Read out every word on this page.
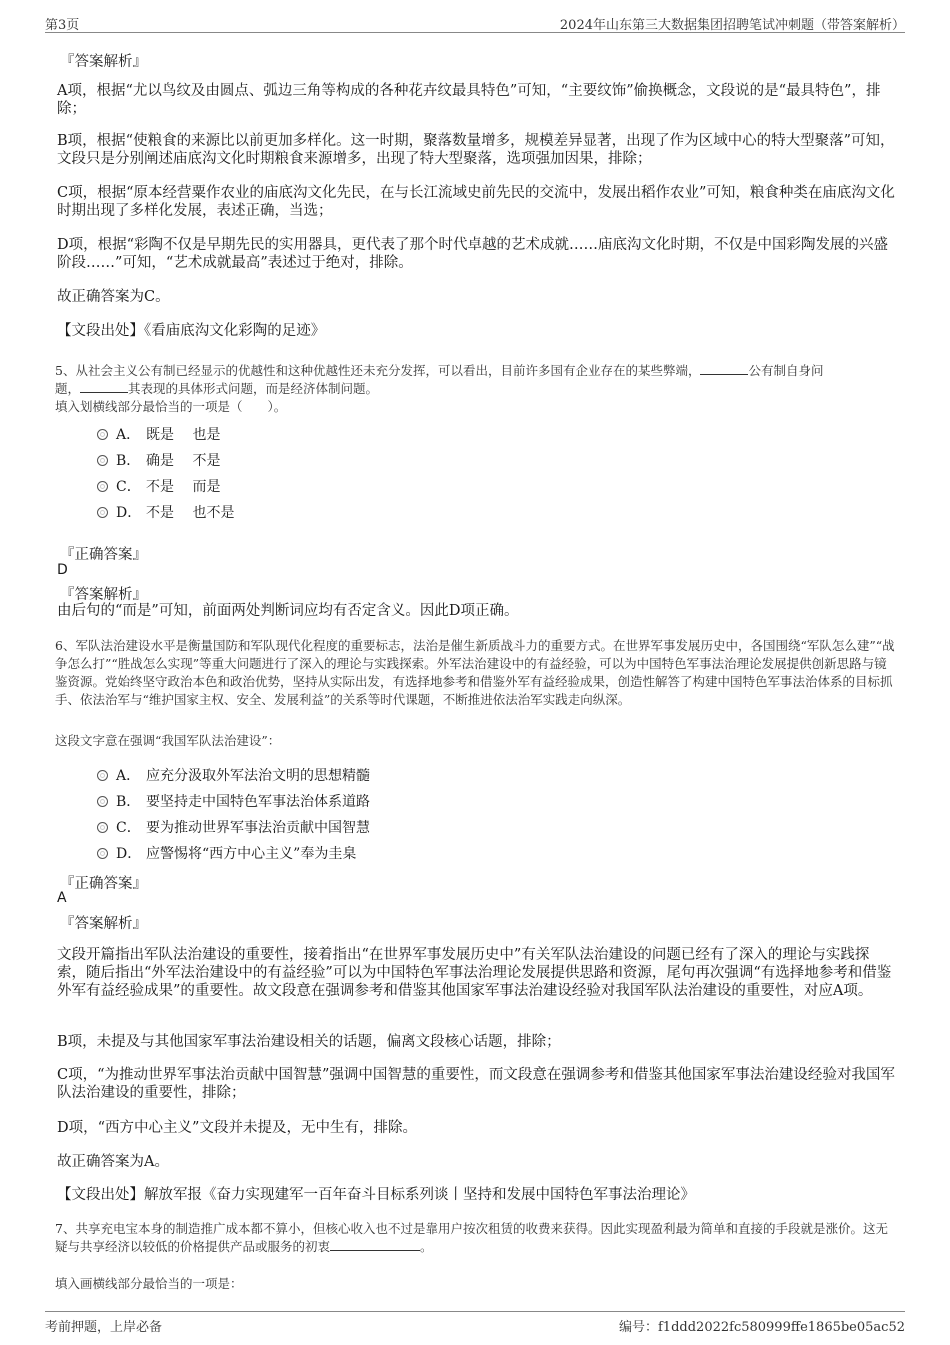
第3页	2024年山东第三大数据集团招聘笔试冲刺题（带答案解析）
『答案解析』
A项，根据“尤以鸟纹及由圆点、弧边三角等构成的各种花卉纹最具特色”可知，“主要纹饰”偷换概念，文段说的是“最具特色”，排除；
B项，根据“使粮食的来源比以前更加多样化。这一时期，聚落数量增多，规模差异显著，出现了作为区域中心的特大型聚落”可知，文段只是分别阐述庙底沟文化时期粮食来源增多，出现了特大型聚落，选项强加因果，排除；
C项，根据“原本经营粟作农业的庙底沟文化先民，在与长江流域史前先民的交流中，发展出稻作农业”可知，粮食种类在庙底沟文化时期出现了多样化发展，表述正确，当选；
D项，根据“彩陶不仅是早期先民的实用器具，更代表了那个时代卓越的艺术成就……庙底沟文化时期，不仅是中国彩陶发展的兴盛阶段……”可知，“艺术成就最高”表述过于绝对，排除。
故正确答案为C。
【文段出处】《看庙底沟文化彩陶的足迹》
5、从社会主义公有制已经显示的优越性和这种优越性还未充分发挥，可以看出，目前许多国有企业存在的某些弊端，	公有制自身问
题，	其表现的具体形式问题，而是经济体制问题。
填入划横线部分最恰当的一项是（　　）。
A． 既是　 也是
B． 确是　 不是
C． 不是　 而是
D． 不是　 也不是
『正确答案』
D
『答案解析』
由后句的“而是”可知，前面两处判断词应均有否定含义。因此D项正确。
6、军队法治建设水平是衡量国防和军队现代化程度的重要标志，法治是催生新质战斗力的重要方式。在世界军事发展历史中，各国围绕“军队怎么建”“战争怎么打”“胜战怎么实现”等重大问题进行了深入的理论与实践探索。外军法治建设中的有益经验，可以为中国特色军事法治理论发展提供创新思路与镜鉴资源。党始终坚守政治本色和政治优势，坚持从实际出发，有选择地参考和借鉴外军有益经验成果，创造性解答了构建中国特色军事法治体系的目标抓手、依法治军与“维护国家主权、安全、发展利益”的关系等时代课题，不断推进依法治军实践走向纵深。
这段文字意在强调“我国军队法治建设”：
A． 应充分汲取外军法治文明的思想精髓
B． 要坚持走中国特色军事法治体系道路
C． 要为推动世界军事法治贡献中国智慧
D． 应警惕将“西方中心主义”奉为圭臬
『正确答案』
A
『答案解析』
文段开篇指出军队法治建设的重要性，接着指出“在世界军事发展历史中”有关军队法治建设的问题已经有了深入的理论与实践探索，随后指出“外军法治建设中的有益经验”可以为中国特色军事法治理论发展提供思路和资源，尾句再次强调“有选择地参考和借鉴外军有益经验成果”的重要性。故文段意在强调参考和借鉴其他国家军事法治建设经验对我国军队法治建设的重要性，对应A项。
B项，未提及与其他国家军事法治建设相关的话题，偏离文段核心话题，排除；
C项，“为推动世界军事法治贡献中国智慧”强调中国智慧的重要性，而文段意在强调参考和借鉴其他国家军事法治建设经验对我国军队法治建设的重要性，排除；
D项，“西方中心主义”文段并未提及，无中生有，排除。
故正确答案为A。
【文段出处】解放军报《奋力实现建军一百年奋斗目标系列谈丨坚持和发展中国特色军事法治理论》
7、共享充电宝本身的制造推广成本都不算小，但核心收入也不过是靠用户按次租赁的收费来获得。因此实现盈利最为简单和直接的手段就是涨价。这无疑与共享经济以较低的价格提供产品或服务的初衷	。
填入画横线部分最恰当的一项是：
考前押题，上岸必备	编号：f1ddd2022fc580999ffe1865be05ac52
